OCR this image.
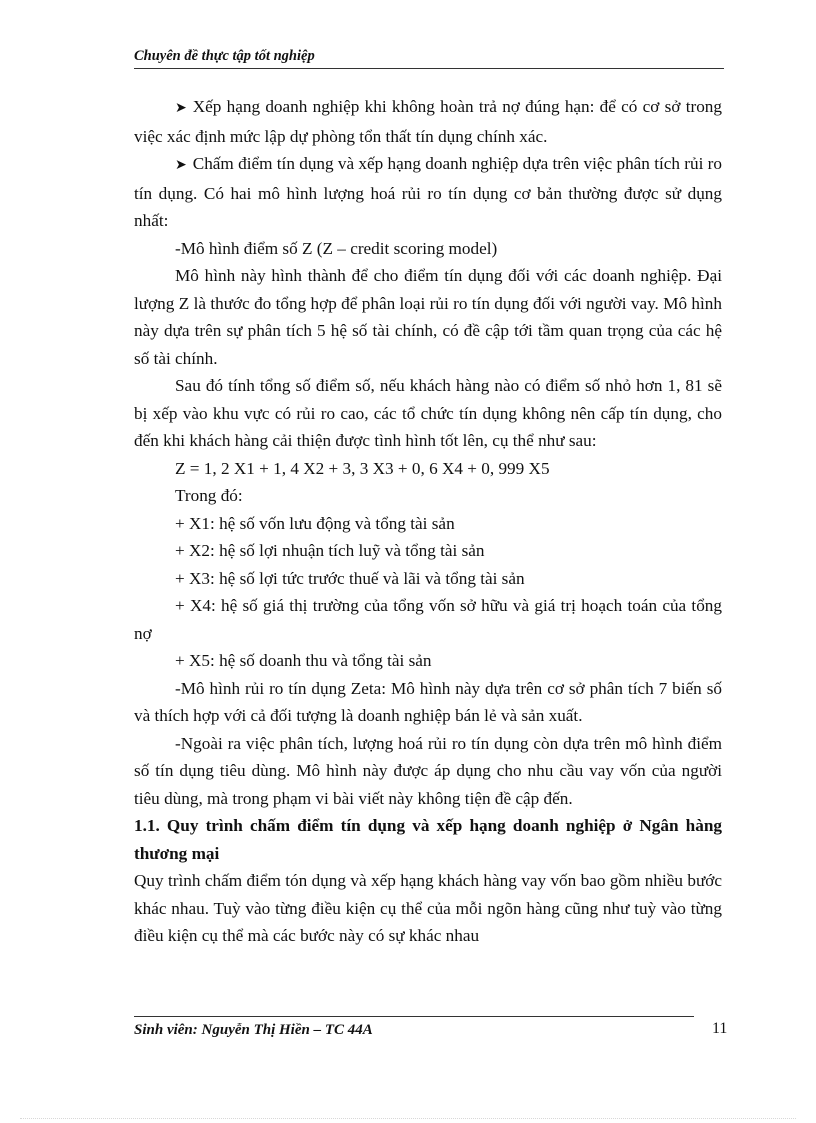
Chuyên đề thực tập tốt nghiệp

➤ Xếp hạng doanh nghiệp khi không hoàn trả nợ đúng hạn: để có cơ sở trong việc xác định mức lập dự phòng tổn thất tín dụng chính xác.

➤ Chấm điểm tín dụng và xếp hạng doanh nghiệp dựa trên việc phân tích rủi ro tín dụng. Có hai mô hình lượng hoá rủi ro tín dụng cơ bản thường được sử dụng nhất:

-Mô hình điểm số Z (Z – credit scoring model)

Mô hình này hình thành để cho điểm tín dụng đối với các doanh nghiệp. Đại lượng Z là thước đo tổng hợp để phân loại rủi ro tín dụng đối với người vay. Mô hình này dựa trên sự phân tích 5 hệ số tài chính, có đề cập tới tầm quan trọng của các hệ số tài chính.

Sau đó tính tổng số điểm số, nếu khách hàng nào có điểm số nhỏ hơn 1, 81 sẽ bị xếp vào khu vực có rủi ro cao, các tổ chức tín dụng không nên cấp tín dụng, cho đến khi khách hàng cải thiện được tình hình tốt lên, cụ thể như sau:

Z = 1, 2 X1 + 1, 4 X2 + 3, 3 X3 + 0, 6 X4 + 0, 999 X5

Trong đó:

+ X1: hệ số vốn lưu động và tổng tài sản

+ X2: hệ số lợi nhuận tích luỹ và tổng tài sản

+ X3: hệ số lợi tức trước thuế và lãi và tổng tài sản

+ X4: hệ số giá thị trường của tổng vốn sở hữu và giá trị hoạch toán của tổng nợ

+ X5: hệ số doanh thu và tổng tài sản

-Mô hình rủi ro tín dụng Zeta: Mô hình này dựa trên cơ sở phân tích 7 biến số và thích hợp với cả đối tượng là doanh nghiệp bán lẻ và sản xuất.

-Ngoài ra việc phân tích, lượng hoá rủi ro tín dụng còn dựa trên mô hình điểm số tín dụng tiêu dùng. Mô hình này được áp dụng cho nhu cầu vay vốn của người tiêu dùng, mà trong phạm vi bài viết này không tiện đề cập đến.

1.1. Quy trình chấm điểm tín dụng và xếp hạng doanh nghiệp ở Ngân hàng thương mại

Quy trình chấm điểm tón dụng và xếp hạng khách hàng vay vốn bao gồm nhiều bước khác nhau. Tuỳ vào từng điều kiện cụ thể của mỗi ngõn hàng cũng như tuỳ vào từng điều kiện cụ thể mà các bước này có sự khác nhau

Sinh viên: Nguyễn Thị Hiền – TC 44A	11
